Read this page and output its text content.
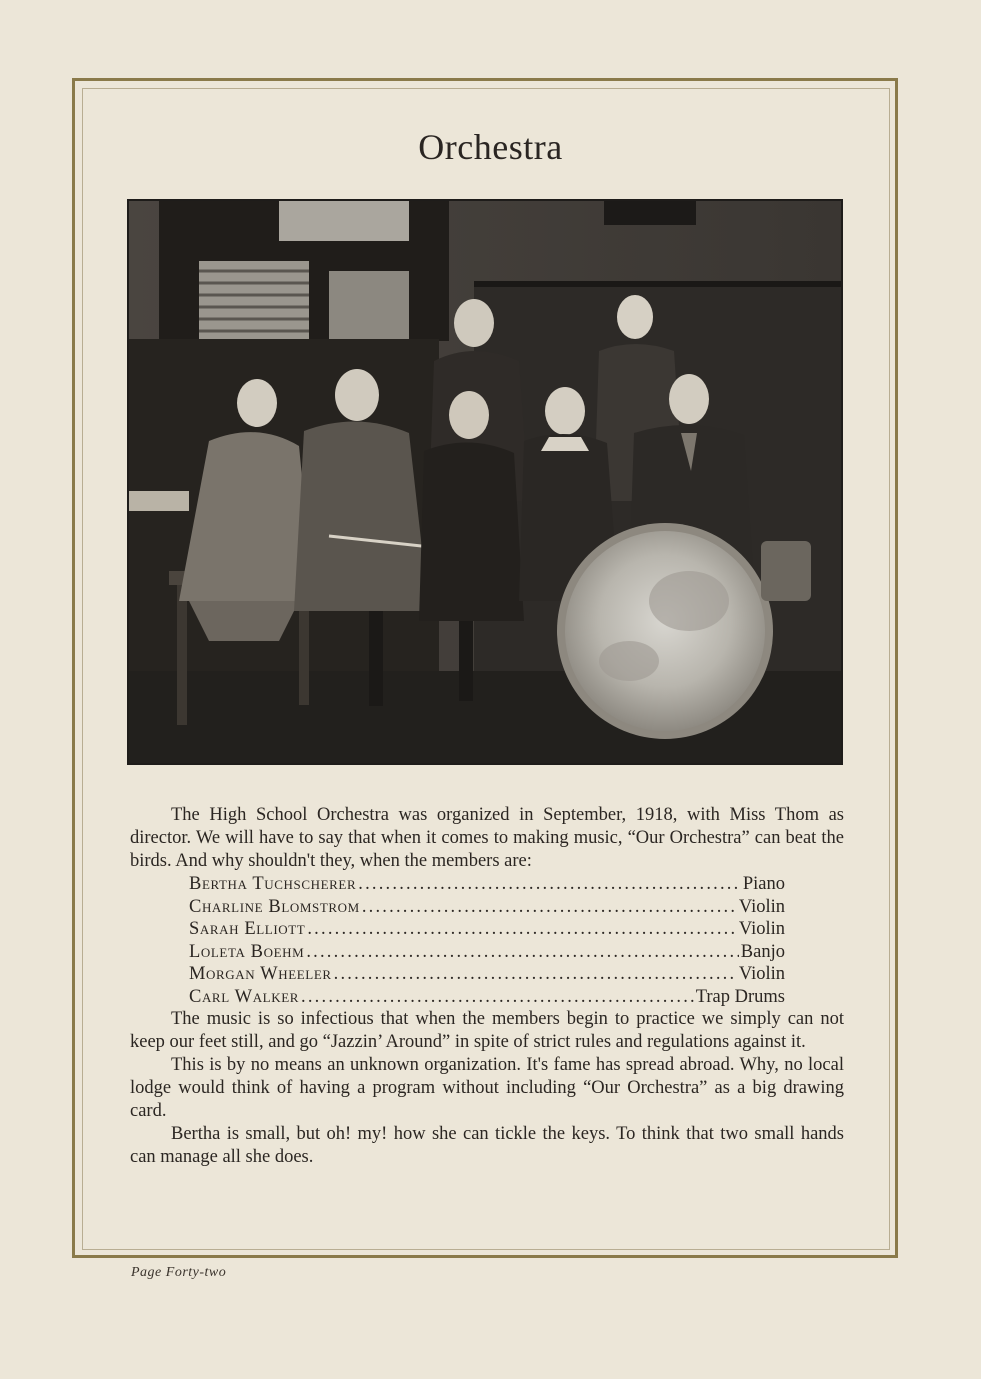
Orchestra

The High School Orchestra was organized in September, 1918, with Miss Thom as director. We will have to say that when it comes to making music, “Our Orchestra” can beat the birds. And why shouldn't they, when the members are:

Bertha Tuchscherer .....	Piano
Charline Blomstrom .....	Violin
Sarah Elliott .....	Violin
Loleta Boehm .....	Banjo
Morgan Wheeler .....	Violin
Carl Walker .....	Trap Drums

The music is so infectious that when the members begin to practice we simply can not keep our feet still, and go “Jazzin’ Around” in spite of strict rules and regulations against it.

This is by no means an unknown organization. It's fame has spread abroad. Why, no local lodge would think of having a program without including “Our Orchestra” as a big drawing card.

Bertha is small, but oh! my! how she can tickle the keys. To think that two small hands can manage all she does.

Page Forty-two
